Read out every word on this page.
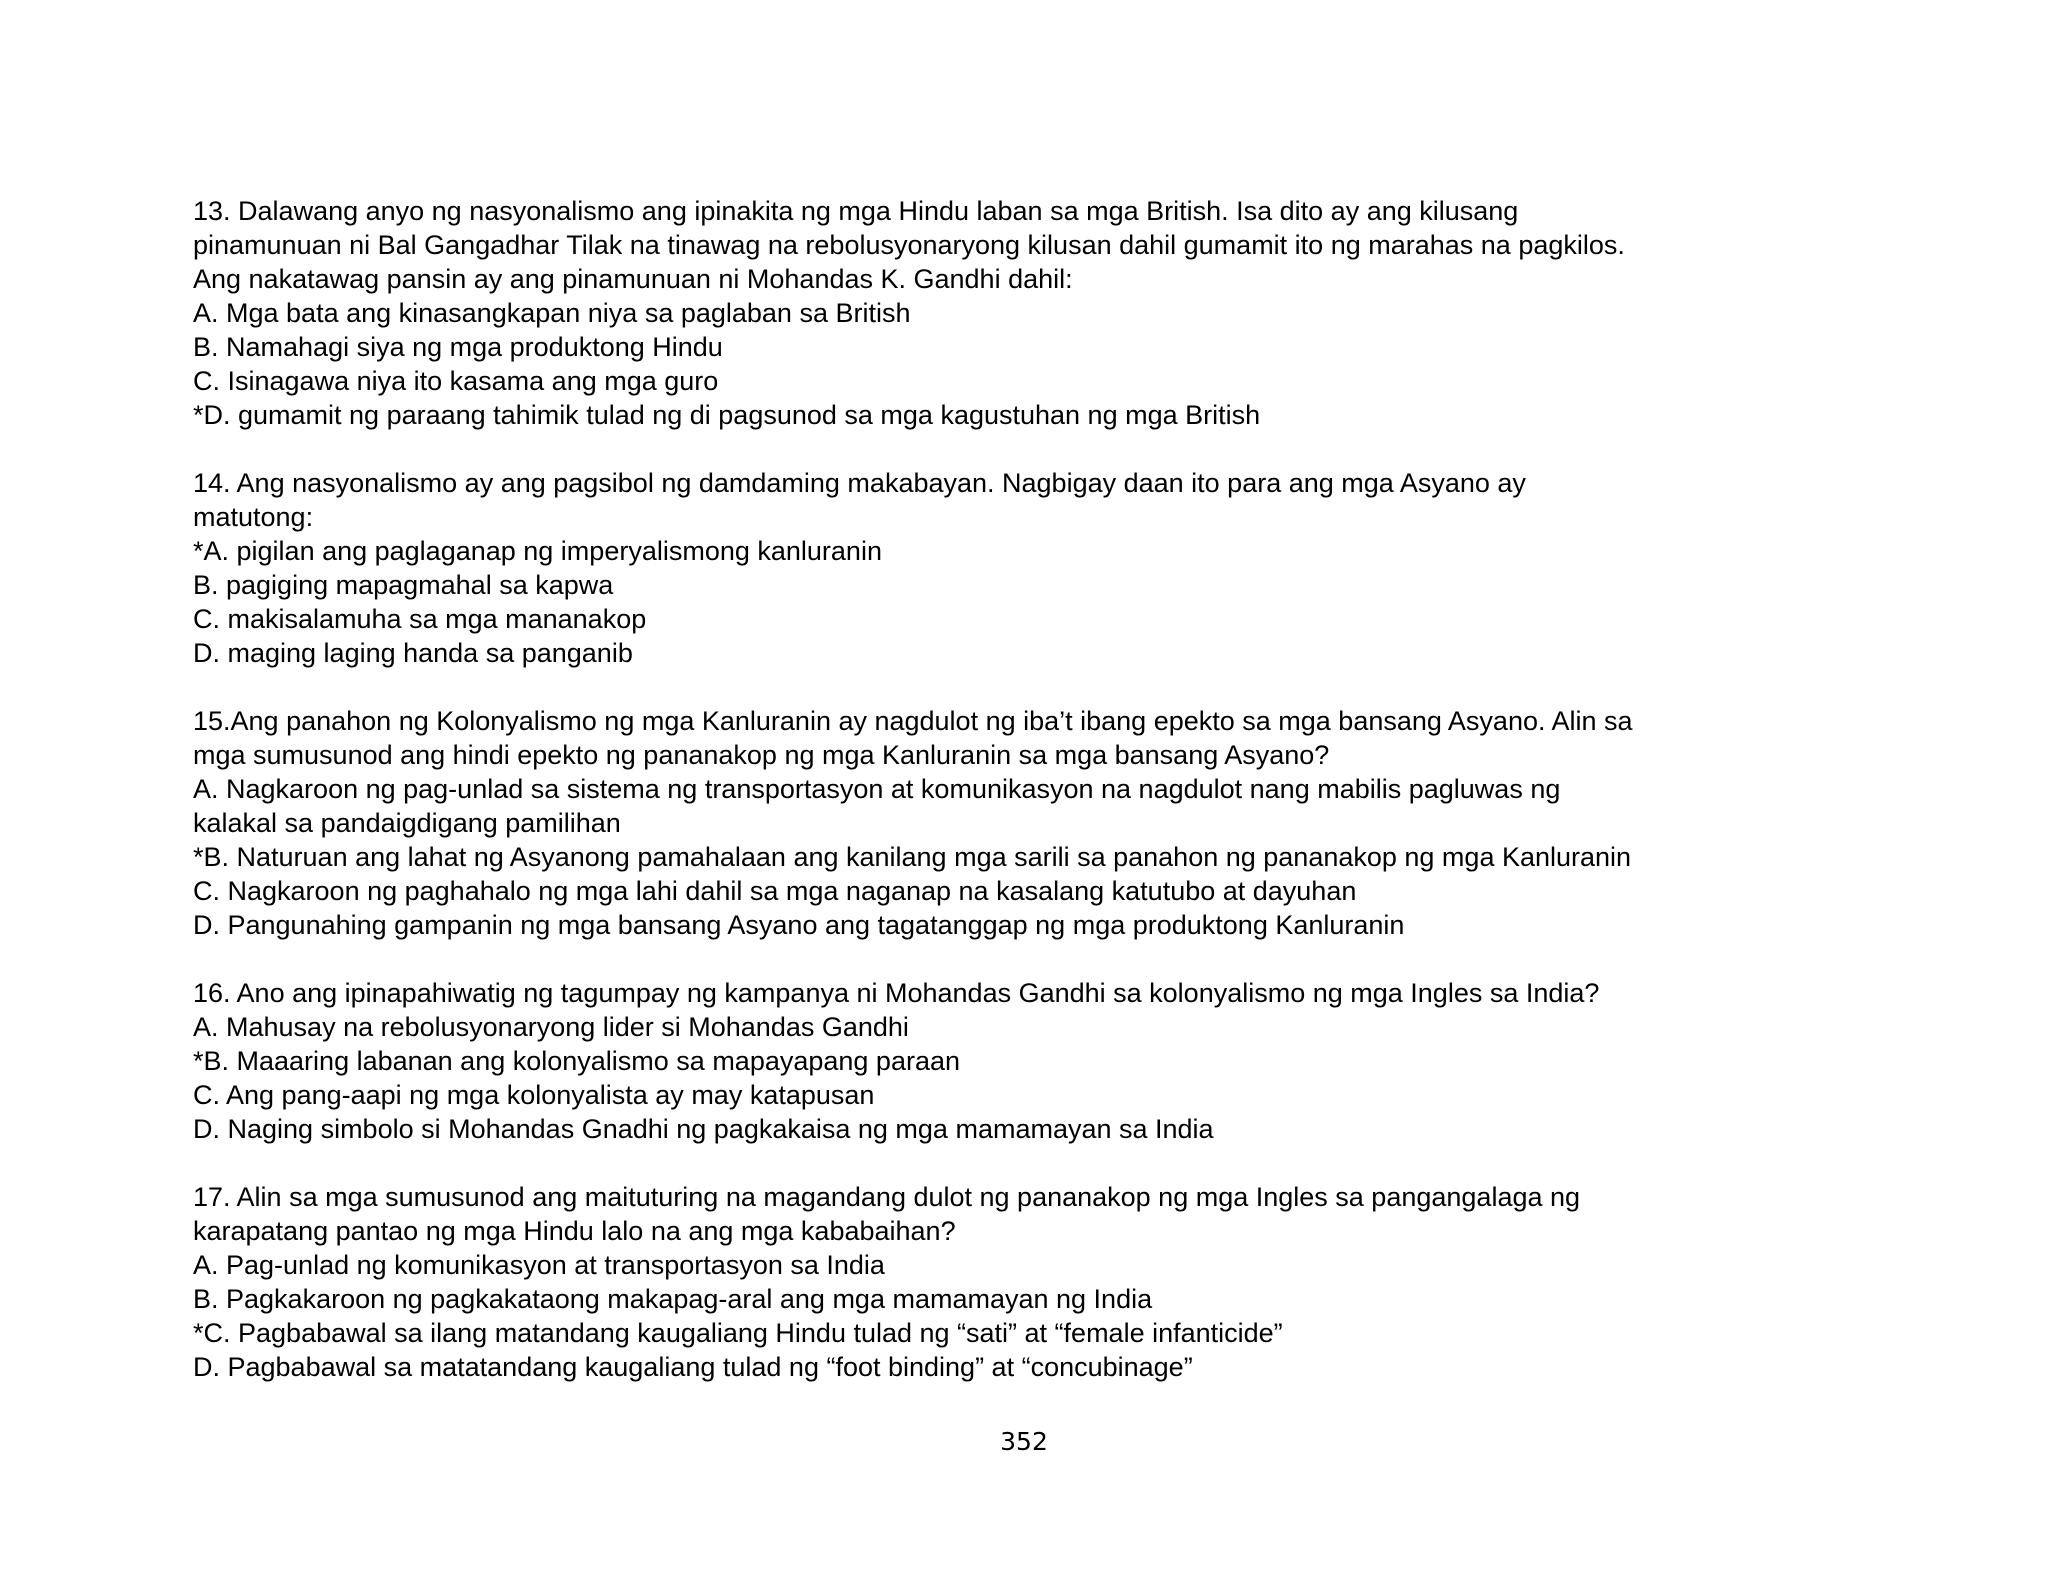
13. Dalawang anyo ng nasyonalismo ang ipinakita ng mga Hindu laban sa mga British. Isa dito ay ang kilusang
pinamunuan ni Bal Gangadhar Tilak na tinawag na rebolusyonaryong kilusan dahil gumamit ito ng marahas na pagkilos.
Ang nakatawag pansin ay ang pinamunuan ni Mohandas K. Gandhi dahil:
A. Mga bata ang kinasangkapan niya sa paglaban sa British
B. Namahagi siya ng mga produktong Hindu
C. Isinagawa niya ito kasama ang mga guro
*D. gumamit ng paraang tahimik tulad ng di pagsunod sa mga kagustuhan ng mga British
14. Ang nasyonalismo ay ang pagsibol ng damdaming makabayan. Nagbigay daan ito para ang mga Asyano ay
matutong:
*A. pigilan ang paglaganap ng imperyalismong kanluranin
B. pagiging mapagmahal sa kapwa
C. makisalamuha sa mga mananakop
D. maging laging handa sa panganib
15.Ang panahon ng Kolonyalismo ng mga Kanluranin ay nagdulot ng iba’t ibang epekto sa mga bansang Asyano. Alin sa
mga sumusunod ang hindi epekto ng pananakop ng mga Kanluranin sa mga bansang Asyano?
A. Nagkaroon ng pag-unlad sa sistema ng transportasyon at komunikasyon na nagdulot nang mabilis pagluwas ng
kalakal sa pandaigdigang pamilihan
*B. Naturuan ang lahat ng Asyanong pamahalaan ang kanilang mga sarili sa panahon ng pananakop ng mga Kanluranin
C. Nagkaroon ng paghahalo ng mga lahi dahil sa mga naganap na kasalang katutubo at dayuhan
D. Pangunahing gampanin ng mga bansang Asyano ang tagatanggap ng mga produktong Kanluranin
16. Ano ang ipinapahiwatig ng tagumpay ng kampanya ni Mohandas Gandhi sa kolonyalismo ng mga Ingles sa India?
A. Mahusay na rebolusyonaryong lider si Mohandas Gandhi
*B. Maaaring labanan ang kolonyalismo sa mapayapang paraan
C. Ang pang-aapi ng mga kolonyalista ay may katapusan
D. Naging simbolo si Mohandas Gnadhi ng pagkakaisa ng mga mamamayan sa India
17. Alin sa mga sumusunod ang maituturing na magandang dulot ng pananakop ng mga Ingles sa pangangalaga ng
karapatang pantao ng mga Hindu lalo na ang mga kababaihan?
A. Pag-unlad ng komunikasyon at transportasyon sa India
B. Pagkakaroon ng pagkakataong makapag-aral ang mga mamamayan ng India
*C. Pagbabawal sa ilang matandang kaugaliang Hindu tulad ng “sati” at “female infanticide”
D. Pagbabawal sa matatandang kaugaliang tulad ng “foot binding” at “concubinage”
352
